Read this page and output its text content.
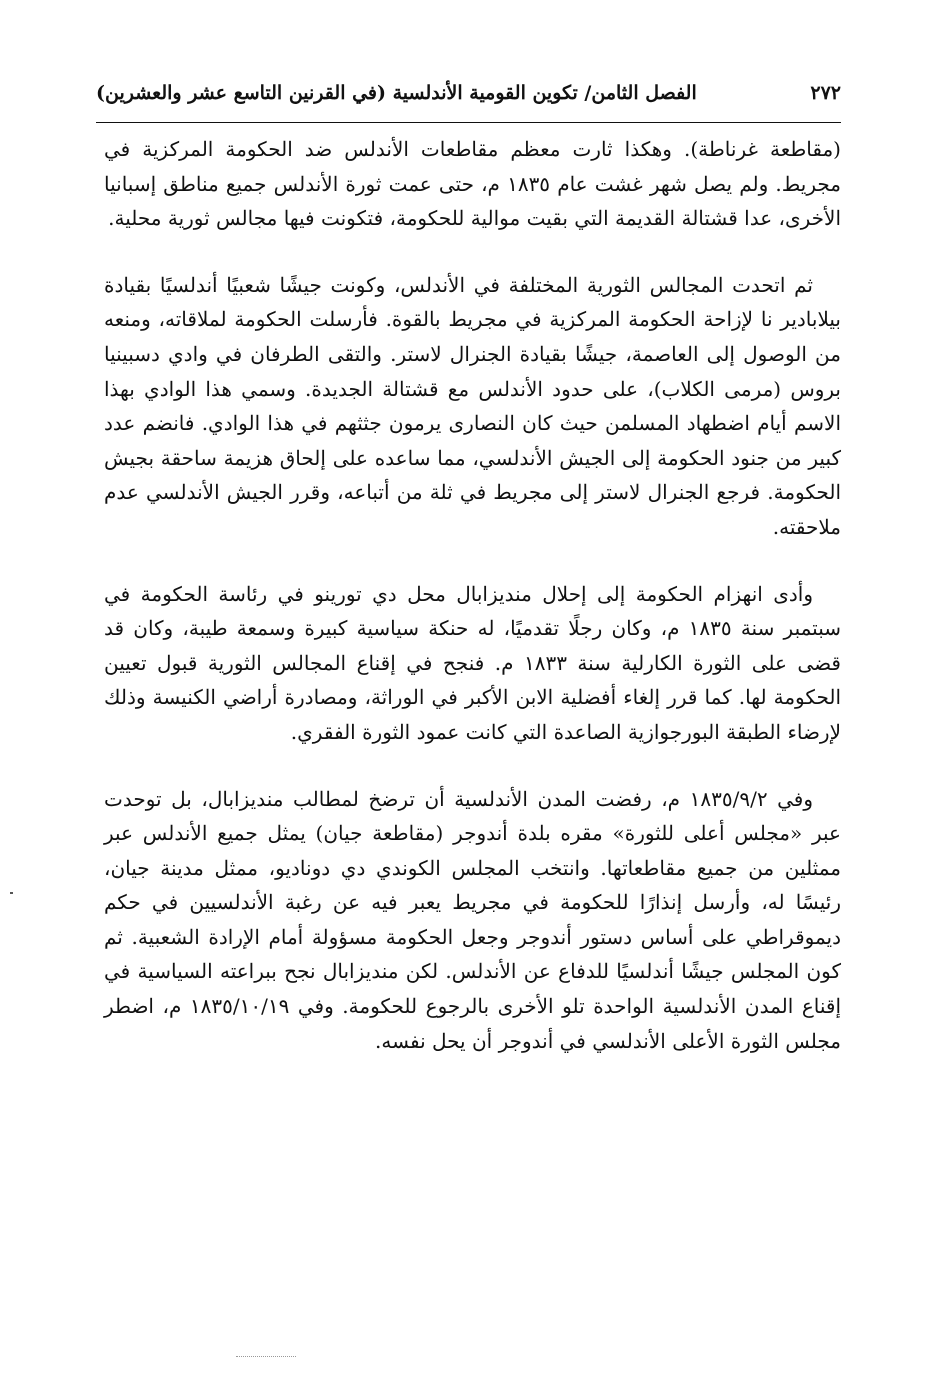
٢٧٢
الفصل الثامن/ تكوين القومية الأندلسية (في القرنين التاسع عشر والعشرين)

(مقاطعة غرناطة). وهكذا ثارت معظم مقاطعات الأندلس ضد الحكومة المركزية في مجريط. ولم يصل شهر غشت عام ١٨٣٥ م، حتى عمت ثورة الأندلس جميع مناطق إسبانيا الأخرى، عدا قشتالة القديمة التي بقيت موالية للحكومة، فتكونت فيها مجالس ثورية محلية.

ثم اتحدت المجالس الثورية المختلفة في الأندلس، وكونت جيشًا شعبيًا أندلسيًا بقيادة بيلابادير نا لإزاحة الحكومة المركزية في مجريط بالقوة. فأرسلت الحكومة لملاقاته، ومنعه من الوصول إلى العاصمة، جيشًا بقيادة الجنرال لاستر. والتقى الطرفان في وادي دسبينيا بروس (مرمى الكلاب)، على حدود الأندلس مع قشتالة الجديدة. وسمي هذا الوادي بهذا الاسم أيام اضطهاد المسلمن حيث كان النصارى يرمون جثثهم في هذا الوادي. فانضم عدد كبير من جنود الحكومة إلى الجيش الأندلسي، مما ساعده على إلحاق هزيمة ساحقة بجيش الحكومة. فرجع الجنرال لاستر إلى مجريط في ثلة من أتباعه، وقرر الجيش الأندلسي عدم ملاحقته.

وأدى انهزام الحكومة إلى إحلال منديزابال محل دي تورينو في رئاسة الحكومة في سبتمبر سنة ١٨٣٥ م، وكان رجلًا تقدميًا، له حنكة سياسية كبيرة وسمعة طيبة، وكان قد قضى على الثورة الكارلية سنة ١٨٣٣ م. فنجح في إقناع المجالس الثورية قبول تعيين الحكومة لها. كما قرر إلغاء أفضلية الابن الأكبر في الوراثة، ومصادرة أراضي الكنيسة وذلك لإرضاء الطبقة البورجوازية الصاعدة التي كانت عمود الثورة الفقري.

وفي ١٨٣٥/٩/٢ م، رفضت المدن الأندلسية أن ترضخ لمطالب منديزابال، بل توحدت عبر «مجلس أعلى للثورة» مقره بلدة أندوجر (مقاطعة جيان) يمثل جميع الأندلس عبر ممثلين من جميع مقاطعاتها. وانتخب المجلس الكوندي دي دوناديو، ممثل مدينة جيان، رئيسًا له، وأرسل إنذارًا للحكومة في مجريط يعبر فيه عن رغبة الأندلسيين في حكم ديموقراطي على أساس دستور أندوجر وجعل الحكومة مسؤولة أمام الإرادة الشعبية. ثم كون المجلس جيشًا أندلسيًا للدفاع عن الأندلس. لكن منديزابال نجح ببراعته السياسية في إقناع المدن الأندلسية الواحدة تلو الأخرى بالرجوع للحكومة. وفي ١٨٣٥/١٠/١٩ م، اضطر مجلس الثورة الأعلى الأندلسي في أندوجر أن يحل نفسه.
